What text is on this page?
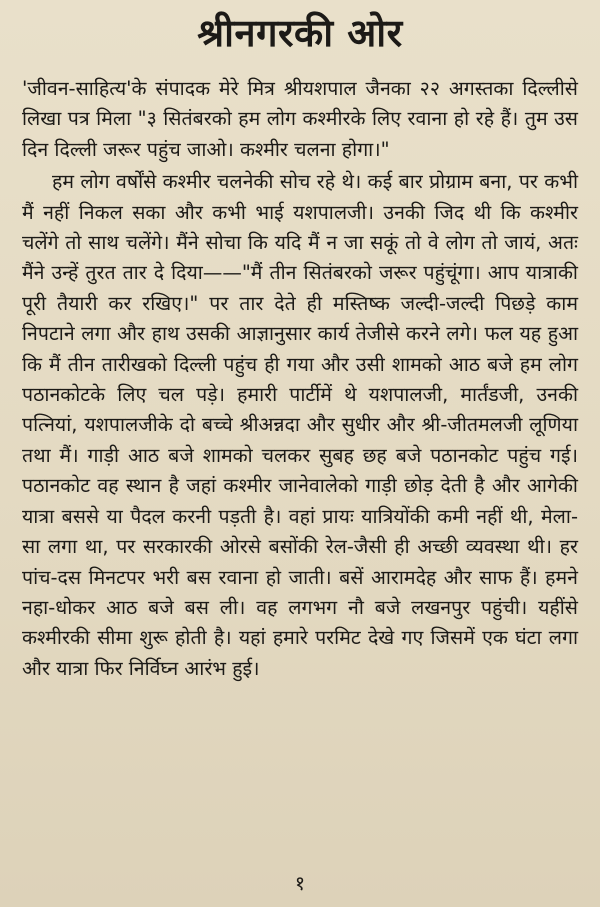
श्रीनगरकी ओर

'जीवन-साहित्य'के संपादक मेरे मित्र श्रीयशपाल जैनका २२ अगस्तका दिल्लीसे लिखा पत्र मिला "३ सितंबरको हम लोग कश्मीरके लिए रवाना हो रहे हैं। तुम उस दिन दिल्ली जरूर पहुंच जाओ। कश्मीर चलना होगा।"

हम लोग वर्षोंसे कश्मीर चलनेकी सोच रहे थे। कई बार प्रोग्राम बना, पर कभी मैं नहीं निकल सका और कभी भाई यशपालजी। उनकी जिद थी कि कश्मीर चलेंगे तो साथ चलेंगे। मैंने सोचा कि यदि मैं न जा सकूं तो वे लोग तो जायं, अतः मैंने उन्हें तुरत तार दे दिया——"मैं तीन सितंबरको जरूर पहुंचूंगा। आप यात्राकी पूरी तैयारी कर रखिए।" पर तार देते ही मस्तिष्क जल्दी-जल्दी पिछड़े काम निपटाने लगा और हाथ उसकी आज्ञानुसार कार्य तेजीसे करने लगे। फल यह हुआ कि मैं तीन तारीखको दिल्ली पहुंच ही गया और उसी शामको आठ बजे हम लोग पठानकोटके लिए चल पड़े। हमारी पार्टीमें थे यशपालजी, मार्तंडजी, उनकी पत्नियां, यशपालजीके दो बच्चे श्रीअन्नदा और सुधीर और श्री-जीतमलजी लूणिया तथा मैं। गाड़ी आठ बजे शामको चलकर सुबह छह बजे पठानकोट पहुंच गई। पठानकोट वह स्थान है जहां कश्मीर जानेवालेको गाड़ी छोड़ देती है और आगेकी यात्रा बससे या पैदल करनी पड़ती है। वहां प्रायः यात्रियोंकी कमी नहीं थी, मेला-सा लगा था, पर सरकारकी ओरसे बसोंकी रेल-जैसी ही अच्छी व्यवस्था थी। हर पांच-दस मिनटपर भरी बस रवाना हो जाती। बसें आरामदेह और साफ हैं। हमने नहा-धोकर आठ बजे बस ली। वह लगभग नौ बजे लखनपुर पहुंची। यहींसे कश्मीरकी सीमा शुरू होती है। यहां हमारे परमिट देखे गए जिसमें एक घंटा लगा और यात्रा फिर निर्विघ्न आरंभ हुई।

१
